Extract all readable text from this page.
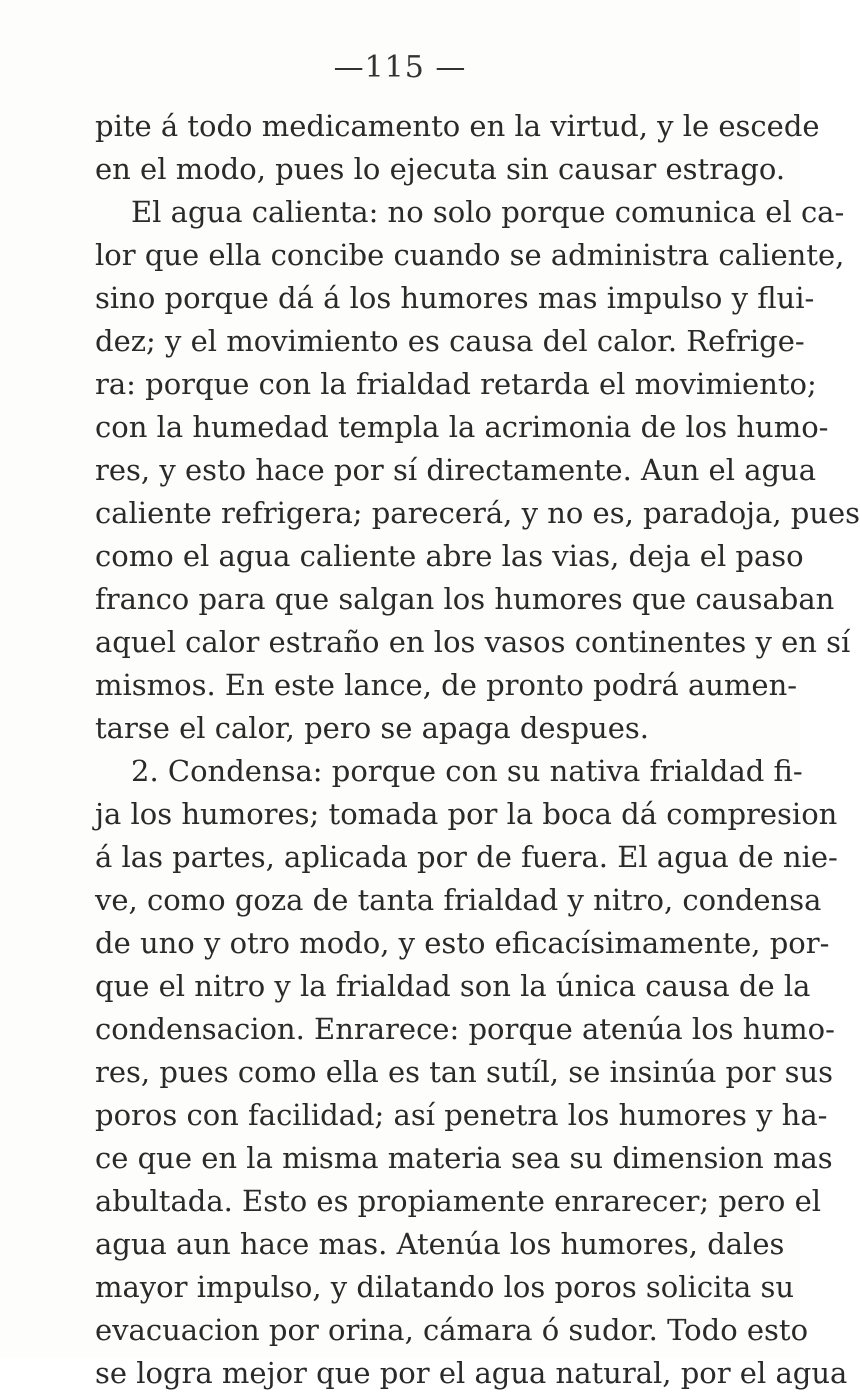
—115 —
pite á todo medicamento en la virtud, y le escede
en el modo, pues lo ejecuta sin causar estrago.
El agua calienta: no solo porque comunica el ca-
lor que ella concibe cuando se administra caliente,
sino porque dá á los humores mas impulso y flui-
dez; y el movimiento es causa del calor. Refrige-
ra: porque con la frialdad retarda el movimiento;
con la humedad templa la acrimonia de los humo-
res, y esto hace por sí directamente. Aun el agua
caliente refrigera; parecerá, y no es, paradoja, pues
como el agua caliente abre las vias, deja el paso
franco para que salgan los humores que causaban
aquel calor estraño en los vasos continentes y en sí
mismos. En este lance, de pronto podrá aumen-
tarse el calor, pero se apaga despues.
2. Condensa: porque con su nativa frialdad fi-
ja los humores; tomada por la boca dá compresion
á las partes, aplicada por de fuera. El agua de nie-
ve, como goza de tanta frialdad y nitro, condensa
de uno y otro modo, y esto eficacísimamente, por-
que el nitro y la frialdad son la única causa de la
condensacion. Enrarece: porque atenúa los humo-
res, pues como ella es tan sutíl, se insinúa por sus
poros con facilidad; así penetra los humores y ha-
ce que en la misma materia sea su dimension mas
abultada. Esto es propiamente enrarecer; pero el
agua aun hace mas. Atenúa los humores, dales
mayor impulso, y dilatando los poros solicita su
evacuacion por orina, cámara ó sudor. Todo esto
se logra mejor que por el agua natural, por el agua
